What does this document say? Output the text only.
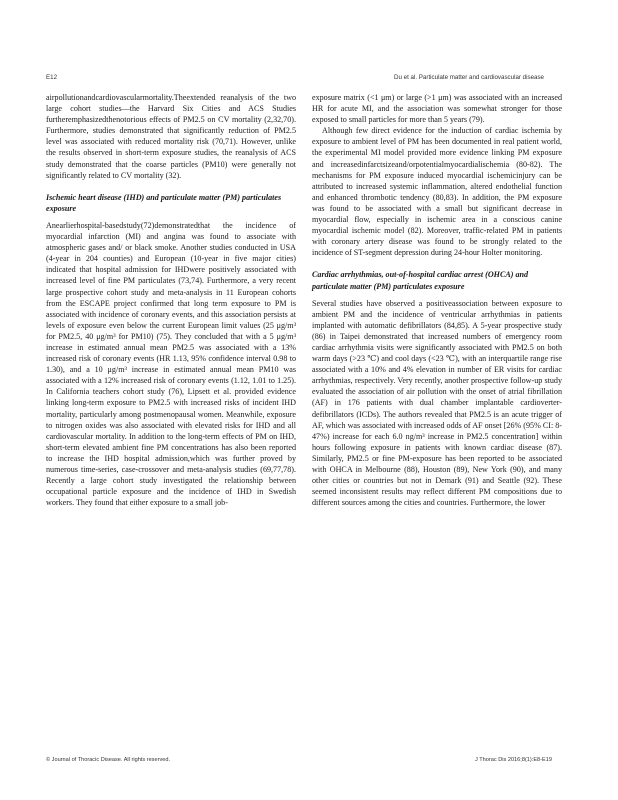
E12	Du et al. Particulate matter and cardiovascular disease

airpollutionandcardiovascularmortality.Theextended reanalysis of the two large cohort studies—the Harvard Six Cities and ACS Studies furtheremphasizedthenotorious effects of PM2.5 on CV mortality (2,32,70). Furthermore, studies demonstrated that significantly reduction of PM2.5 level was associated with reduced mortality risk (70,71). However, unlike the results observed in short-term exposure studies, the reanalysis of ACS study demonstrated that the coarse particles (PM10) were generally not significantly related to CV mortality (32).

Ischemic heart disease (IHD) and particulate matter (PM) particulates exposure

Anearlierhospital-basedstudy(72)demonstratedthat the incidence of myocardial infarction (MI) and angina was found to associate with atmospheric gases and/ or black smoke. Another studies conducted in USA (4-year in 204 counties) and European (10-year in five major cities) indicated that hospital admission for IHDwere positively associated with increased level of fine PM particulates (73,74). Furthermore, a very recent large prospective cohort study and meta-analysis in 11 European cohorts from the ESCAPE project confirmed that long term exposure to PM is associated with incidence of coronary events, and this association persists at levels of exposure even below the current European limit values (25 μg/m³ for PM2.5, 40 μg/m³ for PM10) (75). They concluded that with a 5 μg/m³ increase in estimated annual mean PM2.5 was associated with a 13% increased risk of coronary events (HR 1.13, 95% confidence interval 0.98 to 1.30), and a 10 μg/m³ increase in estimated annual mean PM10 was associated with a 12% increased risk of coronary events (1.12, 1.01 to 1.25). In California teachers cohort study (76), Lipsett et al. provided evidence linking long-term exposure to PM2.5 with increased risks of incident IHD mortality, particularly among postmenopausal women. Meanwhile, exposure to nitrogen oxides was also associated with elevated risks for IHD and all cardiovascular mortality. In addition to the long-term effects of PM on IHD, short-term elevated ambient fine PM concentrations has also been reported to increase the IHD hospital admission,which was further proved by numerous time-series, case-crossover and meta-analysis studies (69,77,78). Recently a large cohort study investigated the relationship between occupational particle exposure and the incidence of IHD in Swedish workers. They found that either exposure to a small job-

exposure matrix (<1 μm) or large (>1 μm) was associated with an increased HR for acute MI, and the association was somewhat stronger for those exposed to small particles for more than 5 years (79).

Although few direct evidence for the induction of cardiac ischemia by exposure to ambient level of PM has been documented in real patient world, the experimental MI model provided more evidence linking PM exposure and increasedinfarctsizeand/orpotentialmyocardialischemia (80-82). The mechanisms for PM exposure induced myocardial ischemicinjury can be attributed to increased systemic inflammation, altered endothelial function and enhanced thrombotic tendency (80,83). In addition, the PM exposure was found to be associated with a small but significant decrease in myocardial flow, especially in ischemic area in a conscious canine myocardial ischemic model (82). Moreover, traffic-related PM in patients with coronary artery disease was found to be strongly related to the incidence of ST-segment depression during 24-hour Holter monitoring.

Cardiac arrhythmias, out-of-hospital cardiac arrest (OHCA) and particulate matter (PM) particulates exposure

Several studies have observed a positiveassociation between exposure to ambient PM and the incidence of ventricular arrhythmias in patients implanted with automatic defibrillators (84,85). A 5-year prospective study (86) in Taipei demonstrated that increased numbers of emergency room cardiac arrhythmia visits were significantly associated with PM2.5 on both warm days (>23 ℃) and cool days (<23 ℃), with an interquartile range rise associated with a 10% and 4% elevation in number of ER visits for cardiac arrhythmias, respectively. Very recently, another prospective follow-up study evaluated the association of air pollution with the onset of atrial fibrillation (AF) in 176 patients with dual chamber implantable cardioverter-defibrillators (ICDs). The authors revealed that PM2.5 is an acute trigger of AF, which was associated with increased odds of AF onset [26% (95% CI: 8-47%) increase for each 6.0 ng/m³ increase in PM2.5 concentration] within hours following exposure in patients with known cardiac disease (87). Similarly, PM2.5 or fine PM-exposure has been reported to be associated with OHCA in Melbourne (88), Houston (89), New York (90), and many other cities or countries but not in Demark (91) and Seattle (92). These seemed inconsistent results may reflect different PM compositions due to different sources among the cities and countries. Furthermore, the lower

© Journal of Thoracic Disease. All rights reserved.	J Thorac Dis 2016;8(1):E8-E19
